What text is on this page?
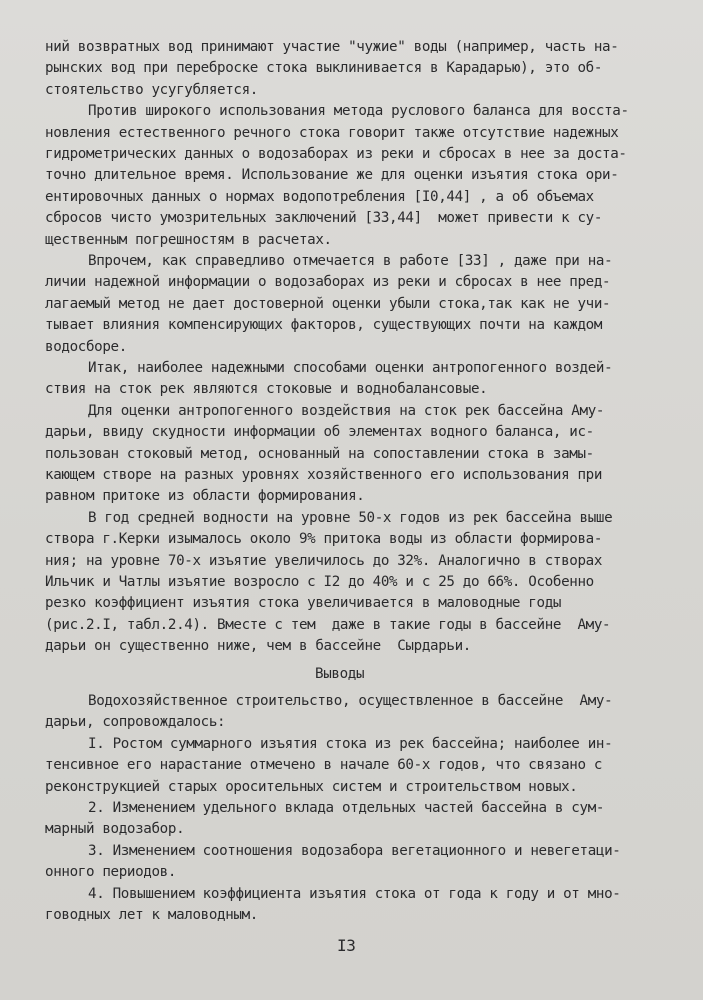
ний возвратных вод принимают участие "чужие" воды (например, часть на-
рынских вод при переброске стока выклинивается в Карадарью), это об-
стоятельство усугубляется.
Против широкого использования метода руслового баланса для восста-
новления естественного речного стока говорит также отсутствие надежных
гидрометрических данных о водозаборах из реки и сбросах в нее за доста-
точно длительное время. Использование же для оценки изъятия стока ори-
ентировочных данных о нормах водопотребления [I0,44] , а об объемах
сбросов чисто умозрительных заключений [33,44]  может привести к су-
щественным погрешностям в расчетах.
Впрочем, как справедливо отмечается в работе [33] , даже при на-
личии надежной информации о водозаборах из реки и сбросах в нее пред-
лагаемый метод не дает достоверной оценки убыли стока,так как не учи-
тывает влияния компенсирующих факторов, существующих почти на каждом
водосборе.
Итак, наиболее надежными способами оценки антропогенного воздей-
ствия на сток рек являются стоковые и воднобалансовые.
Для оценки антропогенного воздействия на сток рек бассейна Аму-
дарьи, ввиду скудности информации об элементах водного баланса, ис-
пользован стоковый метод, основанный на сопоставлении стока в замы-
кающем створе на разных уровнях хозяйственного его использования при
равном притоке из области формирования.
В год средней водности на уровне 50-х годов из рек бассейна выше
створа г.Керки изымалось около 9% притока воды из области формирова-
ния; на уровне 70-х изъятие увеличилось до 32%. Аналогично в створах
Ильчик и Чатлы изъятие возросло с I2 до 40% и с 25 до 66%. Особенно
резко коэффициент изъятия стока увеличивается в маловодные годы
(рис.2.I, табл.2.4). Вместе с тем  даже в такие годы в бассейне  Аму-
дарьи он существенно ниже, чем в бассейне  Сырдарьи.
Выводы
Водохозяйственное строительство, осуществленное в бассейне  Аму-
дарьи, сопровождалось:
I. Ростом суммарного изъятия стока из рек бассейна; наиболее ин-
тенсивное его нарастание отмечено в начале 60-х годов, что связано с
реконструкцией старых оросительных систем и строительством новых.
2. Изменением удельного вклада отдельных частей бассейна в сум-
марный водозабор.
3. Изменением соотношения водозабора вегетационного и невегетаци-
онного периодов.
4. Повышением коэффициента изъятия стока от года к году и от мно-
говодных лет к маловодным.
I3
